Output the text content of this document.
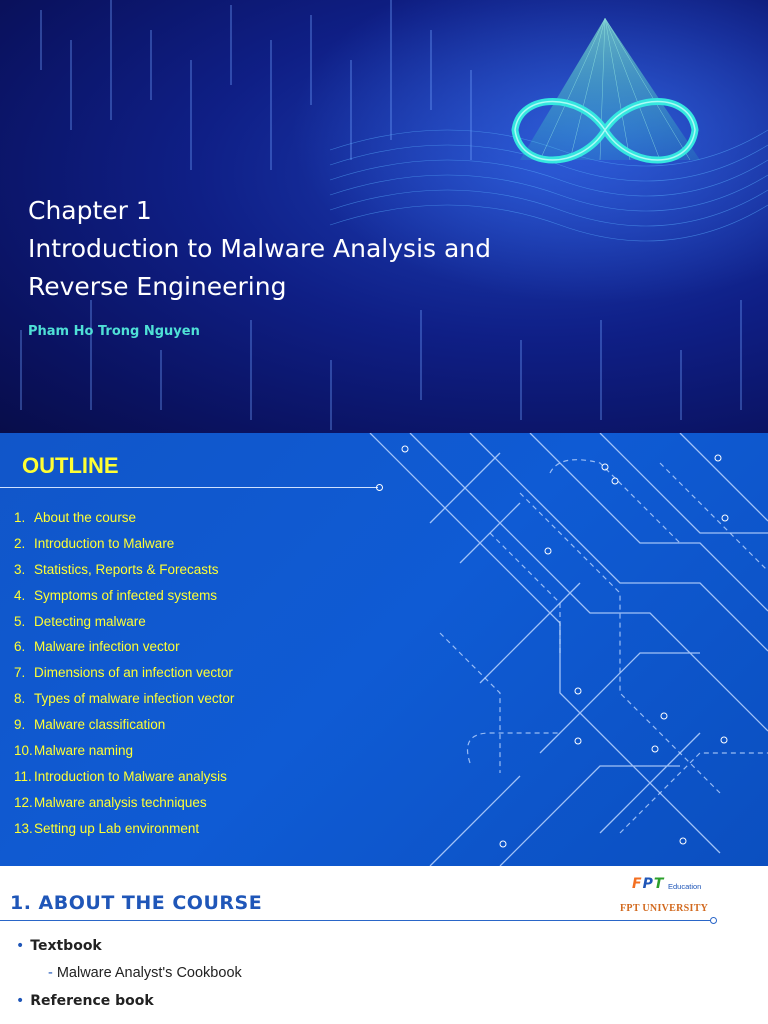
Chapter 1
Introduction to Malware Analysis and
Reverse Engineering
Pham Ho Trong Nguyen
OUTLINE
1. About the course
2. Introduction to Malware
3. Statistics, Reports & Forecasts
4. Symptoms of infected systems
5. Detecting malware
6. Malware infection vector
7. Dimensions of an infection vector
8. Types of malware infection vector
9. Malware classification
10.Malware naming
11. Introduction to Malware analysis
12.Malware analysis techniques
13.Setting up Lab environment
1. ABOUT THE COURSE
FPT Education
FPT UNIVERSITY
• Textbook
- Malware Analyst's Cookbook
• Reference book
